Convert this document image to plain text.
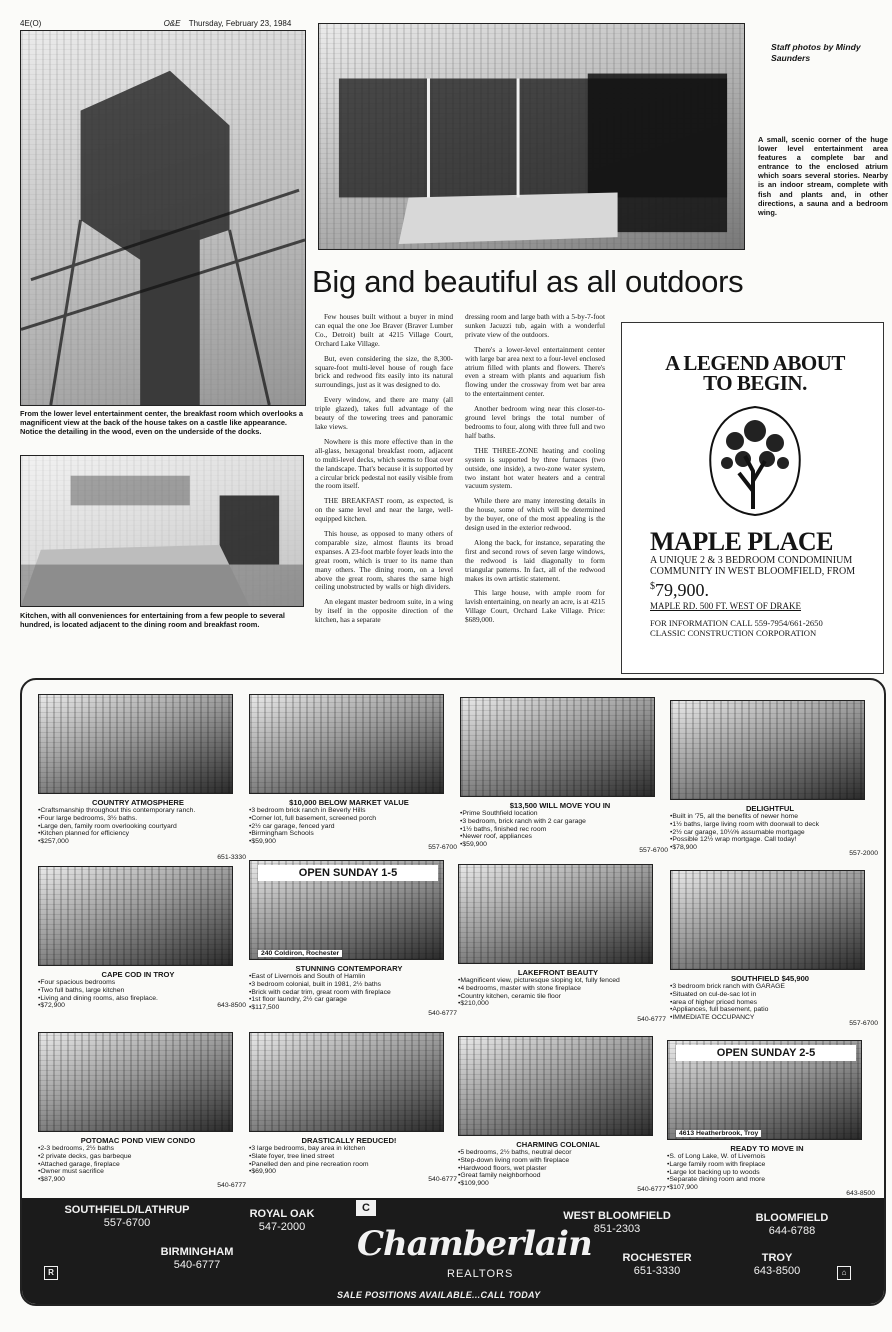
4E(O)	O&E Thursday, February 23, 1984
From the lower level entertainment center, the breakfast room which overlooks a magnificent view at the back of the house takes on a castle like appearance. Notice the detailing in the wood, even on the underside of the docks.
Staff photos by Mindy Saunders
A small, scenic corner of the huge lower level entertainment area features a complete bar and entrance to the enclosed atrium which soars several stories. Nearby is an indoor stream, complete with fish and plants and, in other directions, a sauna and a bedroom wing.
Kitchen, with all conveniences for entertaining from a few people to several hundred, is located adjacent to the dining room and breakfast room.
Big and beautiful as all outdoors

Few houses built without a buyer in mind can equal the one Joe Braver (Braver Lumber Co., Detroit) built at 4215 Village Court, Orchard Lake Village.

But, even considering the size, the 8,300-square-foot multi-level house of rough face brick and redwood fits easily into its natural surroundings, just as it was designed to do.

Every window, and there are many (all triple glazed), takes full advantage of the beauty of the towering trees and panoramic lake views.

Nowhere is this more effective than in the all-glass, hexagonal breakfast room, adjacent to multi-level decks, which seems to float over the landscape. That's because it is supported by a circular brick pedestal not easily visible from the room itself.

THE BREAKFAST room, as expected, is on the same level and near the large, well-equipped kitchen.

This house, as opposed to many others of comparable size, almost flaunts its broad expanses. A 23-foot marble foyer leads into the great room, which is truer to its name than many others. The dining room, on a level above the great room, shares the same high ceiling unobstructed by walls or high dividers.

An elegant master bedroom suite, in a wing by itself in the opposite direction of the kitchen, has a separate

dressing room and large bath with a 5-by-7-foot sunken Jacuzzi tub, again with a wonderful private view of the outdoors.

There's a lower-level entertainment center with large bar area next to a four-level enclosed atrium filled with plants and flowers. There's even a stream with plants and aquarium fish flowing under the crossway from wet bar area to the entertainment center.

Another bedroom wing near this closer-to-ground level brings the total number of bedrooms to four, along with three full and two half baths.

THE THREE-ZONE heating and cooling system is supported by three furnaces (two outside, one inside), a two-zone water system, two instant hot water heaters and a central vacuum system.

While there are many interesting details in the house, some of which will be determined by the buyer, one of the most appealing is the design used in the exterior redwood.

Along the back, for instance, separating the first and second rows of seven large windows, the redwood is laid diagonally to form triangular patterns. In fact, all of the redwood makes its own artistic statement.

This large house, with ample room for lavish entertaining, on nearly an acre, is at 4215 Village Court, Orchard Lake Village. Price: $689,000.

A LEGEND ABOUT TO BEGIN.
MAPLE PLACE
A UNIQUE 2 & 3 BEDROOM CONDOMINIUM COMMUNITY IN WEST BLOOMFIELD, FROM
$79,900.
MAPLE RD. 500 FT. WEST OF DRAKE
FOR INFORMATION CALL 559-7954/661-2650
CLASSIC CONSTRUCTION CORPORATION
COUNTRY ATMOSPHERE
• Craftsmanship throughout this contemporary ranch.
• Four large bedrooms, 3½ baths.
• Large den, family room overlooking courtyard
• Kitchen planned for efficiency
• $257,000
651-3330
$10,000 BELOW MARKET VALUE
• 3 bedroom brick ranch in Beverly Hills
• Corner lot, full basement, screened porch
• 2½ car garage, fenced yard
• Birmingham Schools
• $59,900
557-6700
$13,500 WILL MOVE YOU IN
• Prime Southfield location
• 3 bedroom, brick ranch with 2 car garage
• 1½ baths, finished rec room
• Newer roof, appliances
• $59,900
557-6700
DELIGHTFUL
• Built in '75, all the benefits of newer home
• 1½ baths, large living room with doorwall to deck
• 2½ car garage, 10¼% assumable mortgage
• Possible 12½ wrap mortgage. Call today!
• $78,900
557-2000
CAPE COD IN TROY
• Four spacious bedrooms
• Two full baths, large kitchen
• Living and dining rooms, also fireplace.
• $72,900	643-8500
OPEN SUNDAY 1-5
240 Coldiron, Rochester
STUNNING CONTEMPORARY
• East of Livernois and South of Hamlin
• 3 bedroom colonial, built in 1981, 2½ baths
• Brick with cedar trim, great room with fireplace
• 1st floor laundry, 2½ car garage
• $117,500
540-6777
LAKEFRONT BEAUTY
• Magnificent view, picturesque sloping lot, fully fenced
• 4 bedrooms, master with stone fireplace
• Country kitchen, ceramic tile floor
• $210,000
540-6777
SOUTHFIELD $45,900
• 3 bedroom brick ranch with GARAGE
• Situated on cul-de-sac lot in
• area of higher priced homes
• Appliances, full basement, patio
• IMMEDIATE OCCUPANCY
557-6700
POTOMAC POND VIEW CONDO
• 2-3 bedrooms, 2½ baths
• 2 private decks, gas barbeque
• Attached garage, fireplace
• Owner must sacrifice
• $87,900
540-6777
DRASTICALLY REDUCED!
• 3 large bedrooms, bay area in kitchen
• Slate foyer, tree lined street
• Panelled den and pine recreation room
• $69,900
540-6777
CHARMING COLONIAL
• 5 bedrooms, 2½ baths, neutral decor
• Step-down living room with fireplace
• Hardwood floors, wet plaster
• Great family neighborhood
• $109,900
540-6777
OPEN SUNDAY 2-5
4613 Heatherbrook, Troy
READY TO MOVE IN
• S. of Long Lake, W. of Livernois
• Large family room with fireplace
• Large lot backing up to woods
• Separate dining room and more
• $107,900
643-8500
C
Chamberlain
REALTORS
SOUTHFIELD/LATHRUP
557-6700
ROYAL OAK
547-2000
WEST BLOOMFIELD
851-2303
BLOOMFIELD
644-6788
BIRMINGHAM
540-6777
ROCHESTER
651-3330
TROY
643-8500
R	⌂
SALE POSITIONS AVAILABLE...CALL TODAY
